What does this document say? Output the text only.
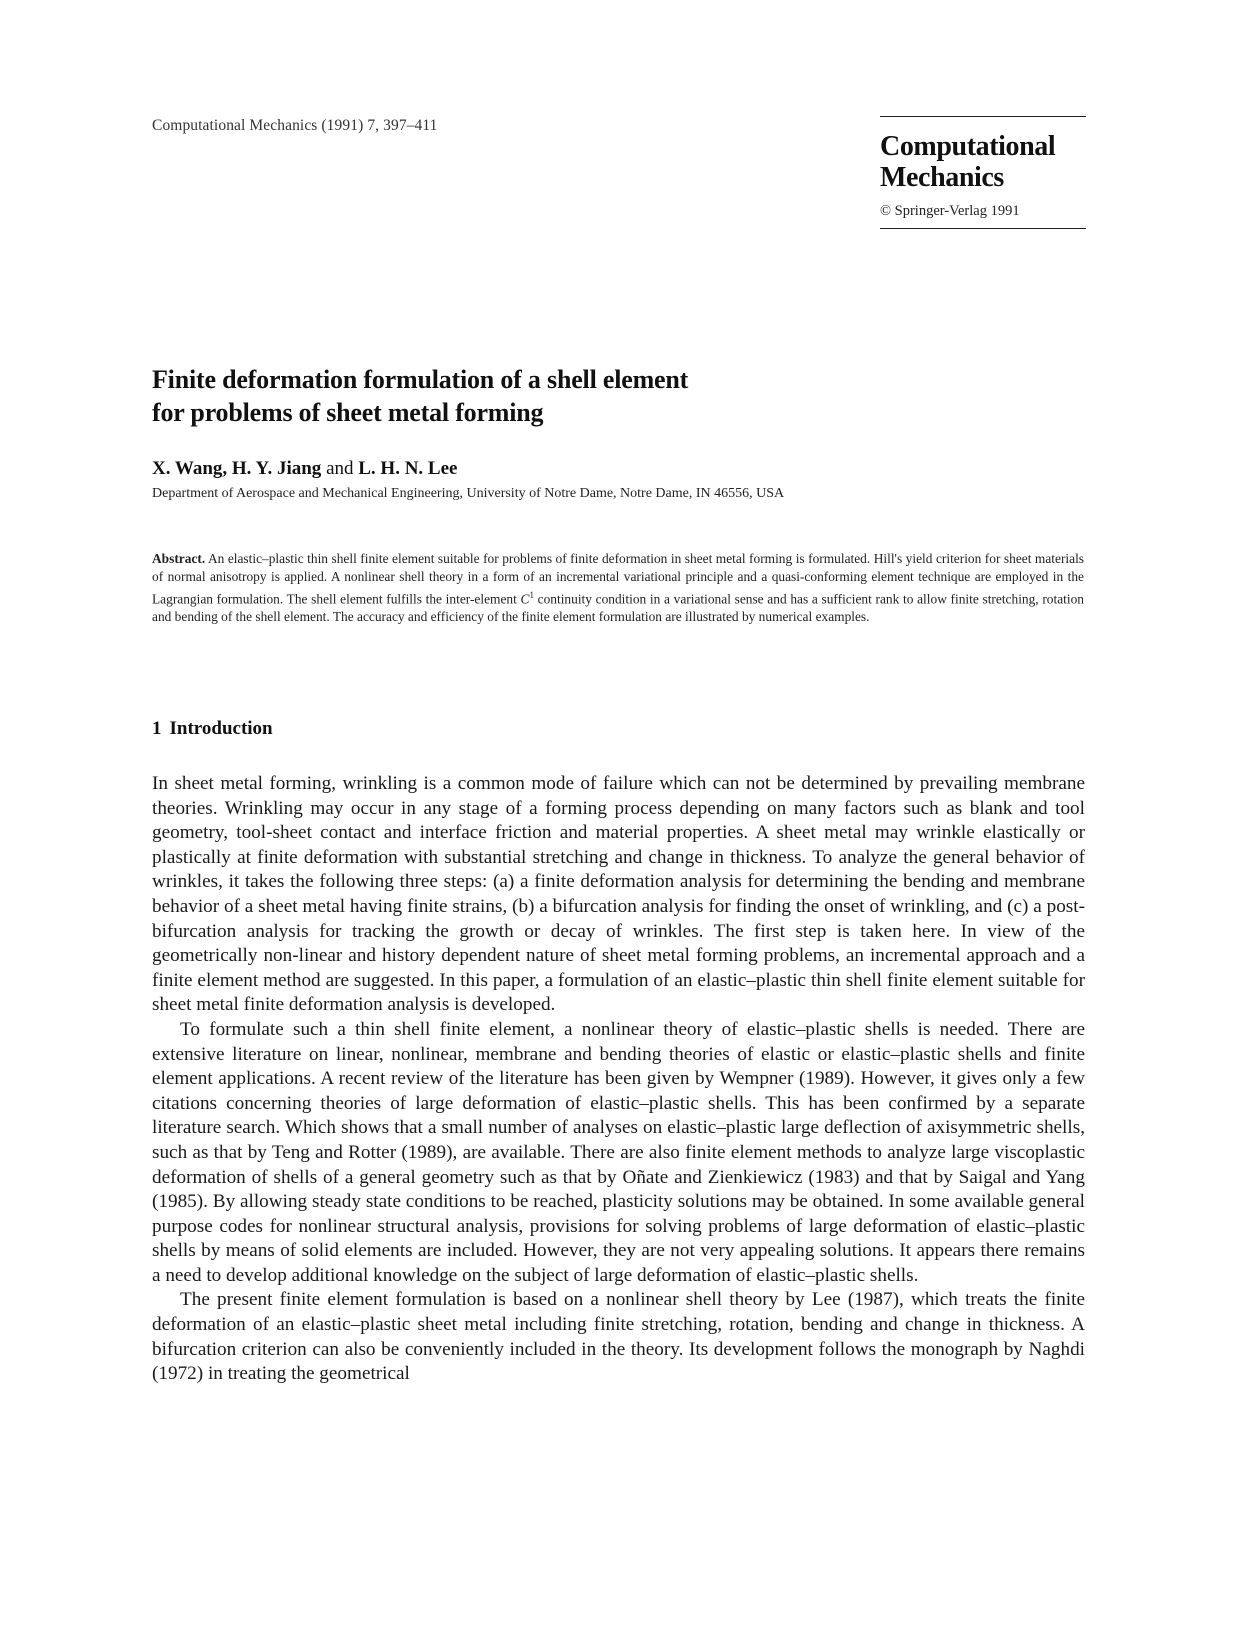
Computational Mechanics (1991) 7, 397–411
Computational
Mechanics
© Springer-Verlag 1991
Finite deformation formulation of a shell element
for problems of sheet metal forming
X. Wang, H. Y. Jiang and L. H. N. Lee
Department of Aerospace and Mechanical Engineering, University of Notre Dame, Notre Dame, IN 46556, USA
Abstract. An elastic–plastic thin shell finite element suitable for problems of finite deformation in sheet metal forming is formulated. Hill's yield criterion for sheet materials of normal anisotropy is applied. A nonlinear shell theory in a form of an incremental variational principle and a quasi-conforming element technique are employed in the Lagrangian formulation. The shell element fulfills the inter-element $C^1$ continuity condition in a variational sense and has a sufficient rank to allow finite stretching, rotation and bending of the shell element. The accuracy and efficiency of the finite element formulation are illustrated by numerical examples.
1 Introduction

In sheet metal forming, wrinkling is a common mode of failure which can not be determined by prevailing membrane theories. Wrinkling may occur in any stage of a forming process depending on many factors such as blank and tool geometry, tool-sheet contact and interface friction and material properties. A sheet metal may wrinkle elastically or plastically at finite deformation with substantial stretching and change in thickness. To analyze the general behavior of wrinkles, it takes the following three steps: (a) a finite deformation analysis for determining the bending and membrane behavior of a sheet metal having finite strains, (b) a bifurcation analysis for finding the onset of wrinkling, and (c) a post-bifurcation analysis for tracking the growth or decay of wrinkles. The first step is taken here. In view of the geometrically non-linear and history dependent nature of sheet metal forming problems, an incremental approach and a finite element method are suggested. In this paper, a formulation of an elastic–plastic thin shell finite element suitable for sheet metal finite deformation analysis is developed.

To formulate such a thin shell finite element, a nonlinear theory of elastic–plastic shells is needed. There are extensive literature on linear, nonlinear, membrane and bending theories of elastic or elastic–plastic shells and finite element applications. A recent review of the literature has been given by Wempner (1989). However, it gives only a few citations concerning theories of large deformation of elastic–plastic shells. This has been confirmed by a separate literature search. Which shows that a small number of analyses on elastic–plastic large deflection of axisymmetric shells, such as that by Teng and Rotter (1989), are available. There are also finite element methods to analyze large viscoplastic deformation of shells of a general geometry such as that by Oñate and Zienkiewicz (1983) and that by Saigal and Yang (1985). By allowing steady state conditions to be reached, plasticity solutions may be obtained. In some available general purpose codes for nonlinear structural analysis, provisions for solving problems of large deformation of elastic–plastic shells by means of solid elements are included. However, they are not very appealing solutions. It appears there remains a need to develop additional knowledge on the subject of large deformation of elastic–plastic shells.

The present finite element formulation is based on a nonlinear shell theory by Lee (1987), which treats the finite deformation of an elastic–plastic sheet metal including finite stretching, rotation, bending and change in thickness. A bifurcation criterion can also be conveniently included in the theory. Its development follows the monograph by Naghdi (1972) in treating the geometrical
